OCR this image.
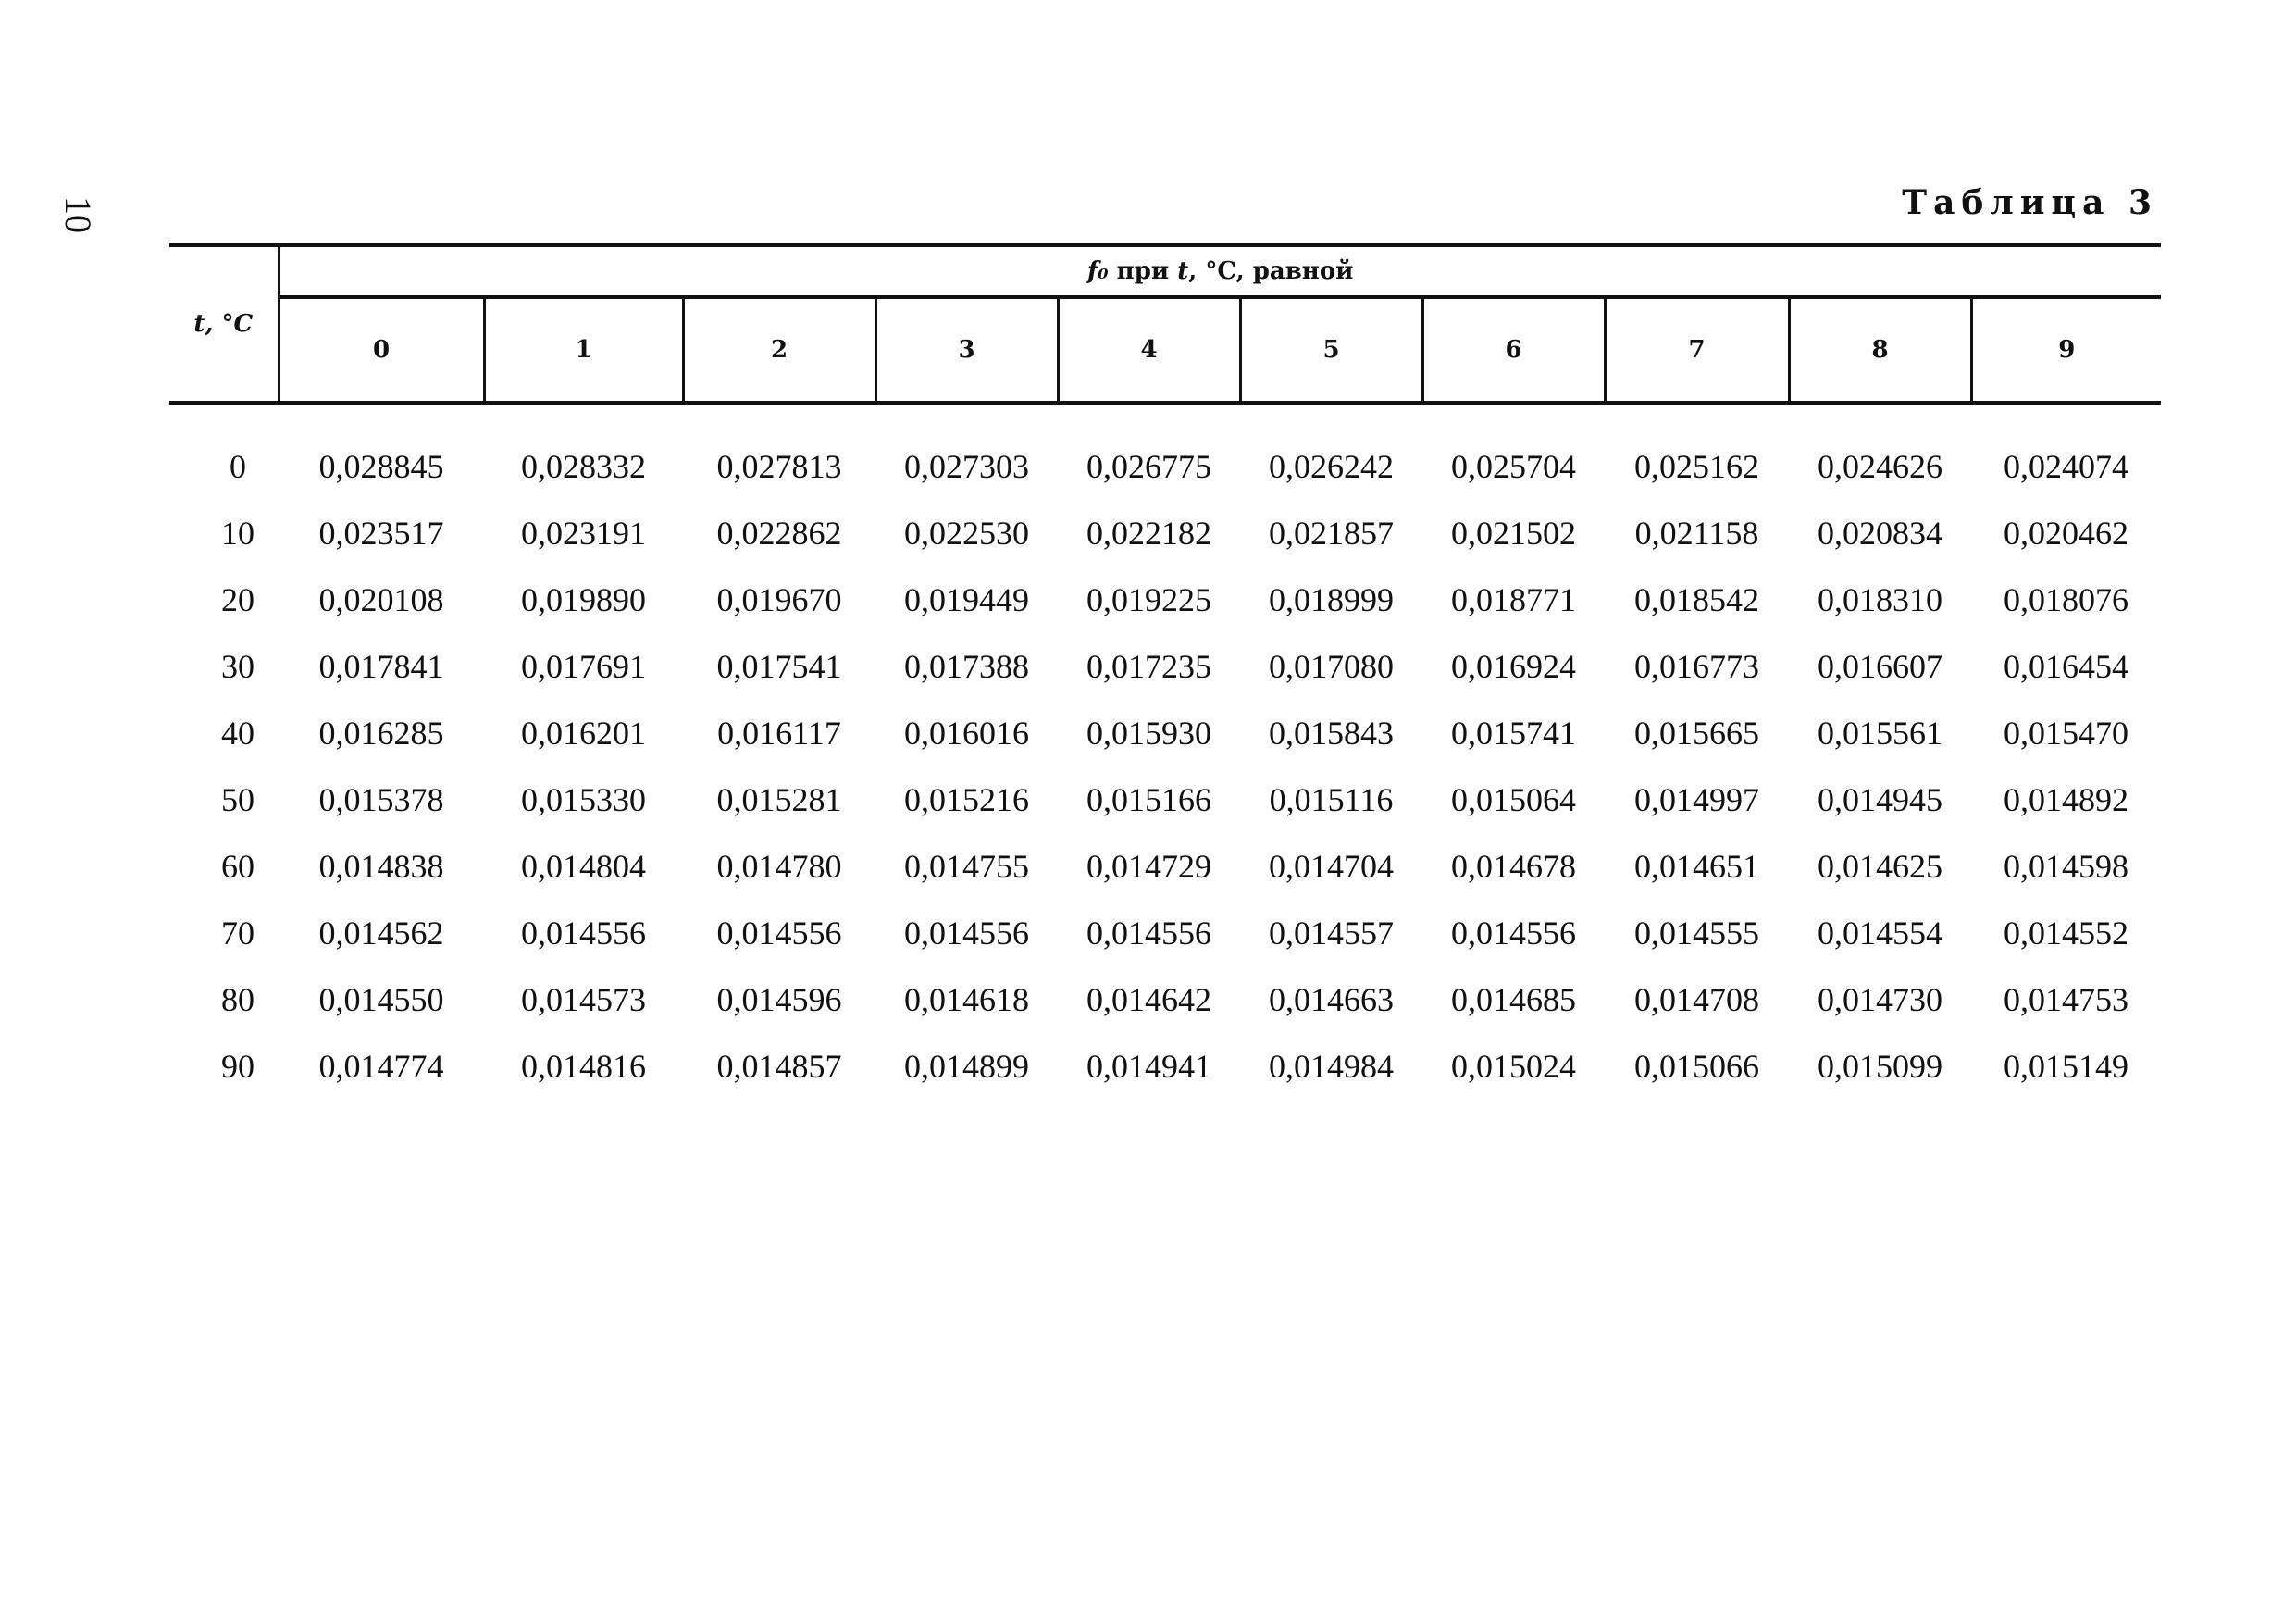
10	Таблица 3
t, °C	f₀ при t, °C, равной									
	0	1	2	3	4	5	6	7	8	9
0	0,028845	0,028332	0,027813	0,027303	0,026775	0,026242	0,025704	0,025162	0,024626	0,024074
10	0,023517	0,023191	0,022862	0,022530	0,022182	0,021857	0,021502	0,021158	0,020834	0,020462
20	0,020108	0,019890	0,019670	0,019449	0,019225	0,018999	0,018771	0,018542	0,018310	0,018076
30	0,017841	0,017691	0,017541	0,017388	0,017235	0,017080	0,016924	0,016773	0,016607	0,016454
40	0,016285	0,016201	0,016117	0,016016	0,015930	0,015843	0,015741	0,015665	0,015561	0,015470
50	0,015378	0,015330	0,015281	0,015216	0,015166	0,015116	0,015064	0,014997	0,014945	0,014892
60	0,014838	0,014804	0,014780	0,014755	0,014729	0,014704	0,014678	0,014651	0,014625	0,014598
70	0,014562	0,014556	0,014556	0,014556	0,014556	0,014557	0,014556	0,014555	0,014554	0,014552
80	0,014550	0,014573	0,014596	0,014618	0,014642	0,014663	0,014685	0,014708	0,014730	0,014753
90	0,014774	0,014816	0,014857	0,014899	0,014941	0,014984	0,015024	0,015066	0,015099	0,015149
